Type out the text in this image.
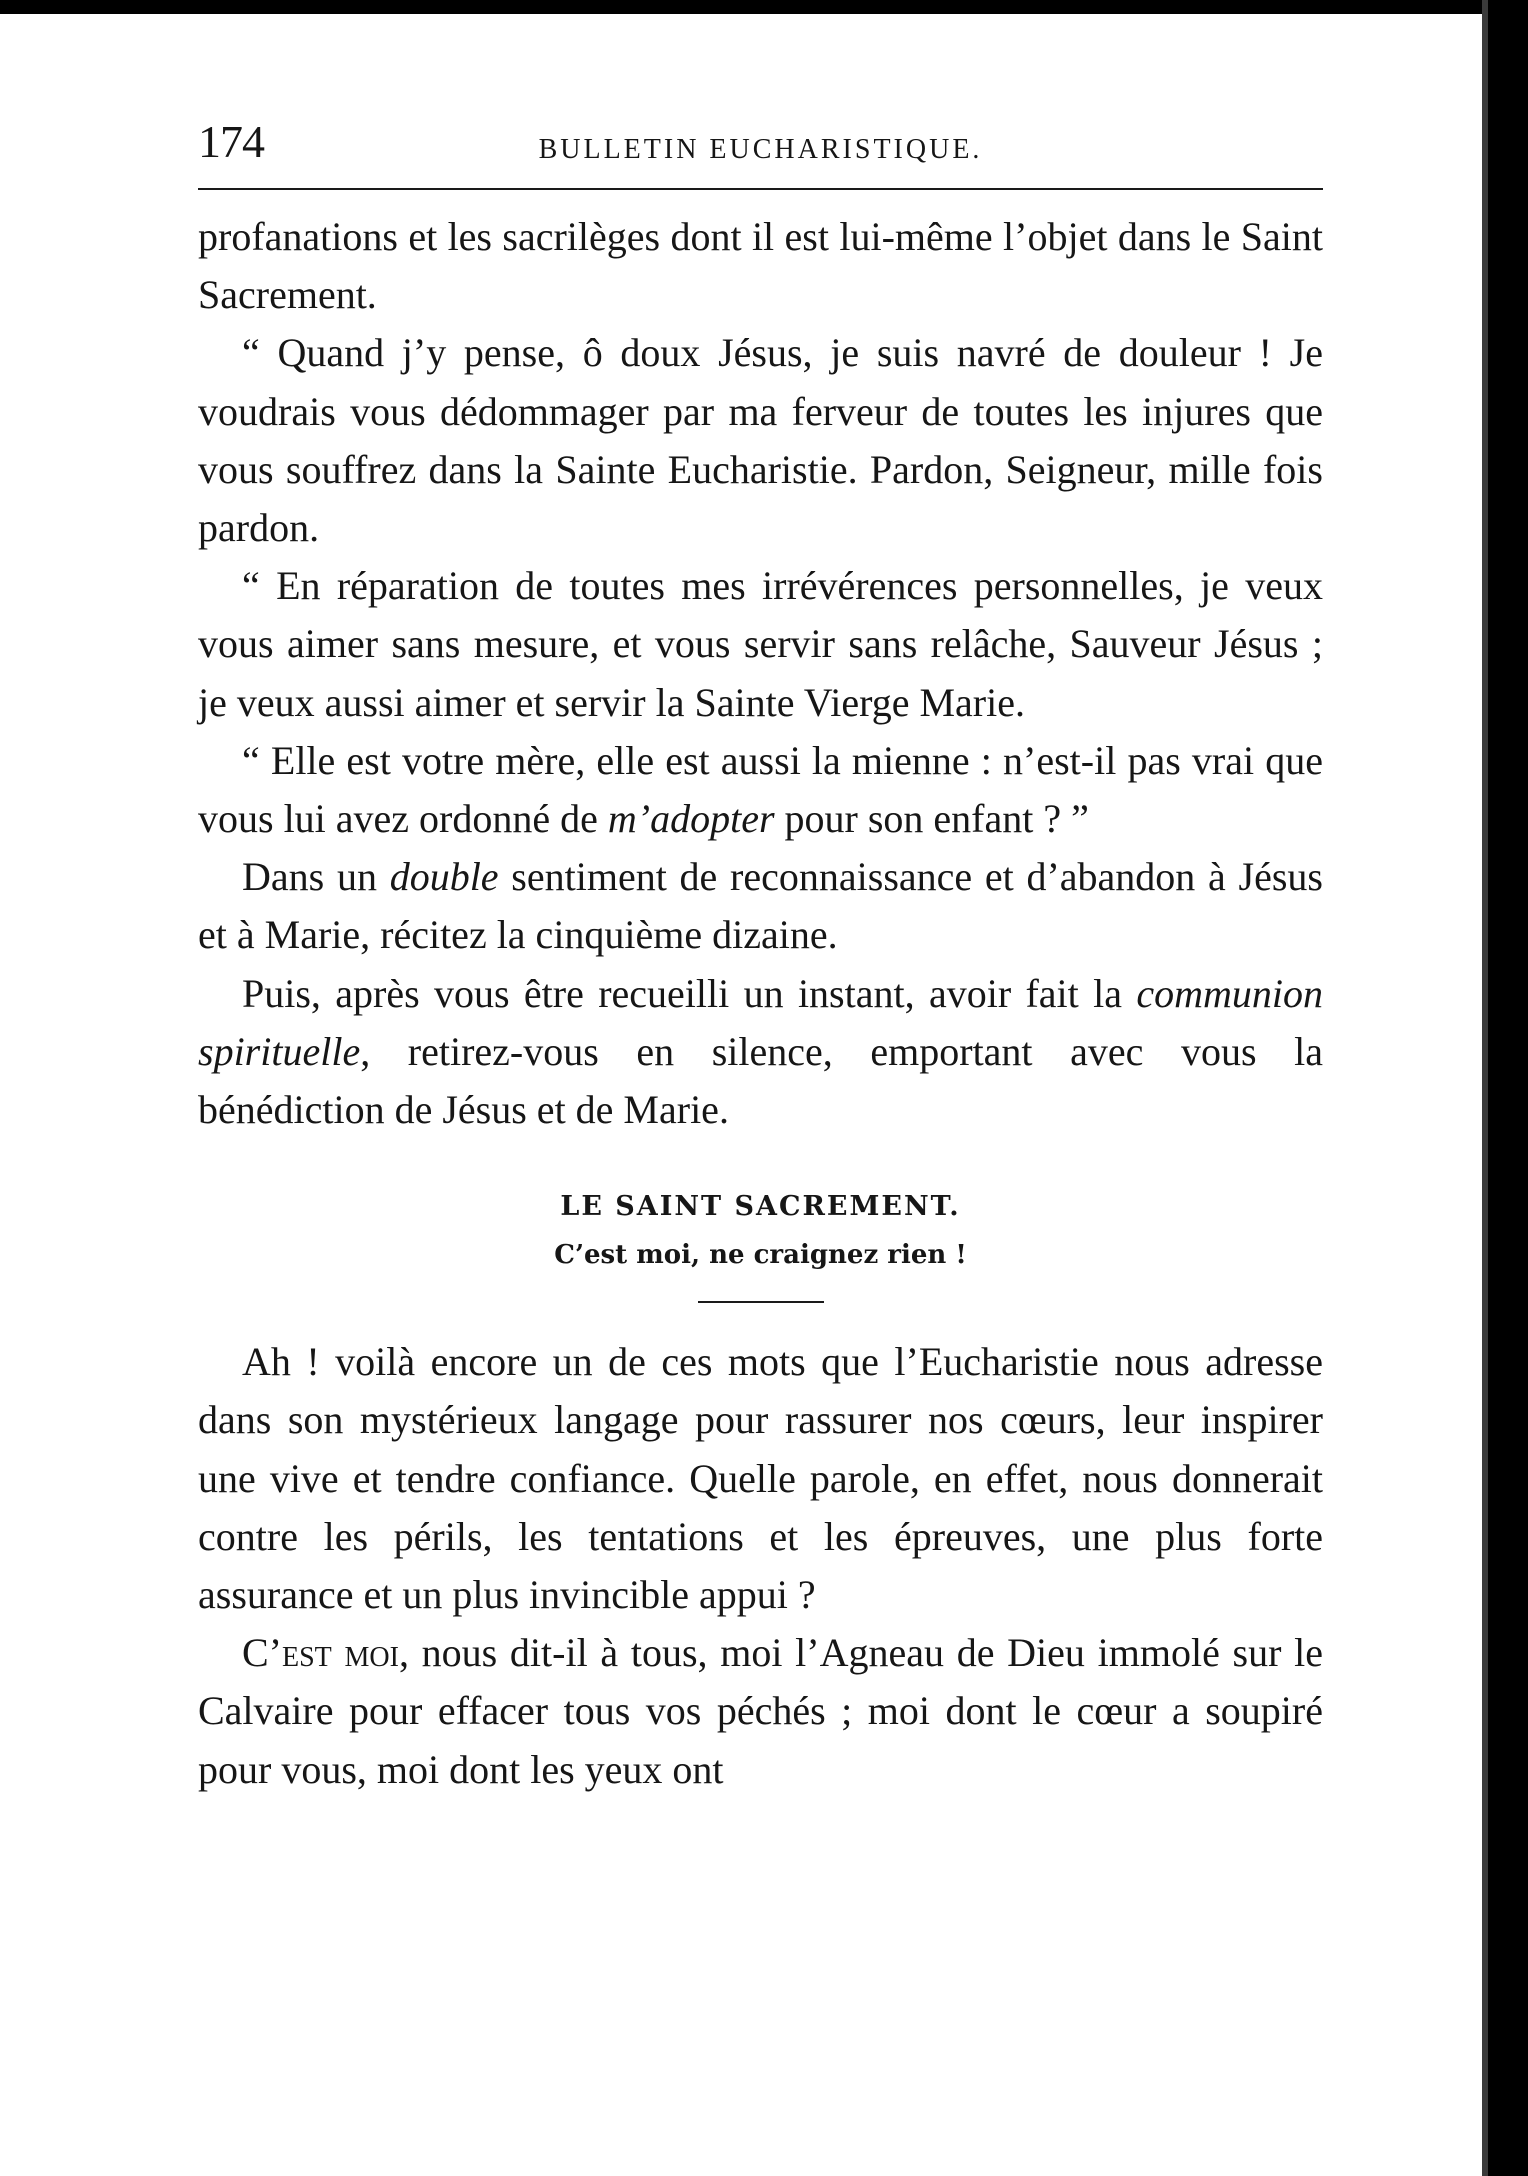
174	BULLETIN EUCHARISTIQUE.

profanations et les sacrilèges dont il est lui-même l’objet dans le Saint Sacrement.

“ Quand j’y pense, ô doux Jésus, je suis navré de douleur ! Je voudrais vous dédommager par ma ferveur de toutes les injures que vous souffrez dans la Sainte Eucharistie. Pardon, Seigneur, mille fois pardon.

“ En réparation de toutes mes irrévérences personnelles, je veux vous aimer sans mesure, et vous servir sans relâche, Sauveur Jésus ; je veux aussi aimer et servir la Sainte Vierge Marie.

“ Elle est votre mère, elle est aussi la mienne : n’est-il pas vrai que vous lui avez ordonné de m’adopter pour son enfant ? ”

Dans un double sentiment de reconnaissance et d’abandon à Jésus et à Marie, récitez la cinquième dizaine.

Puis, après vous être recueilli un instant, avoir fait la communion spirituelle, retirez-vous en silence, emportant avec vous la bénédiction de Jésus et de Marie.

LE SAINT SACREMENT.
C’est moi, ne craignez rien !

Ah ! voilà encore un de ces mots que l’Eucharistie nous adresse dans son mystérieux langage pour rassurer nos cœurs, leur inspirer une vive et tendre confiance. Quelle parole, en effet, nous donnerait contre les périls, les tentations et les épreuves, une plus forte assurance et un plus invincible appui ?

C’est moi, nous dit-il à tous, moi l’Agneau de Dieu immolé sur le Calvaire pour effacer tous vos péchés ; moi dont le cœur a soupiré pour vous, moi dont les yeux ont
